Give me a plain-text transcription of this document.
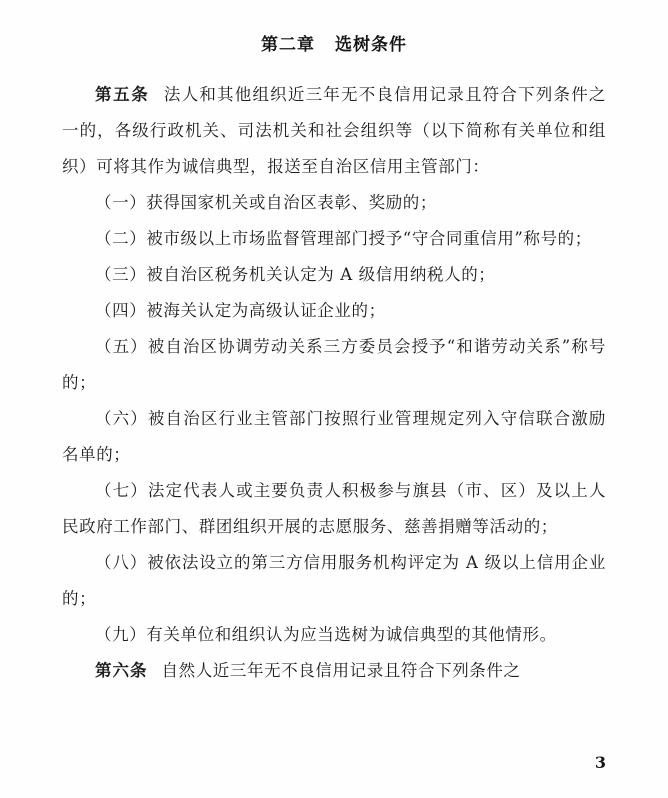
第二章 选树条件

第五条 法人和其他组织近三年无不良信用记录且符合下列条件之一的，各级行政机关、司法机关和社会组织等（以下简称有关单位和组织）可将其作为诚信典型，报送至自治区信用主管部门：

（一）获得国家机关或自治区表彰、奖励的；

（二）被市级以上市场监督管理部门授予“守合同重信用”称号的；

（三）被自治区税务机关认定为 A 级信用纳税人的；

（四）被海关认定为高级认证企业的；

（五）被自治区协调劳动关系三方委员会授予“和谐劳动关系”称号的；

（六）被自治区行业主管部门按照行业管理规定列入守信联合激励名单的；

（七）法定代表人或主要负责人积极参与旗县（市、区）及以上人民政府工作部门、群团组织开展的志愿服务、慈善捐赠等活动的；

（八）被依法设立的第三方信用服务机构评定为 A 级以上信用企业的；

（九）有关单位和组织认为应当选树为诚信典型的其他情形。

第六条 自然人近三年无不良信用记录且符合下列条件之

3
